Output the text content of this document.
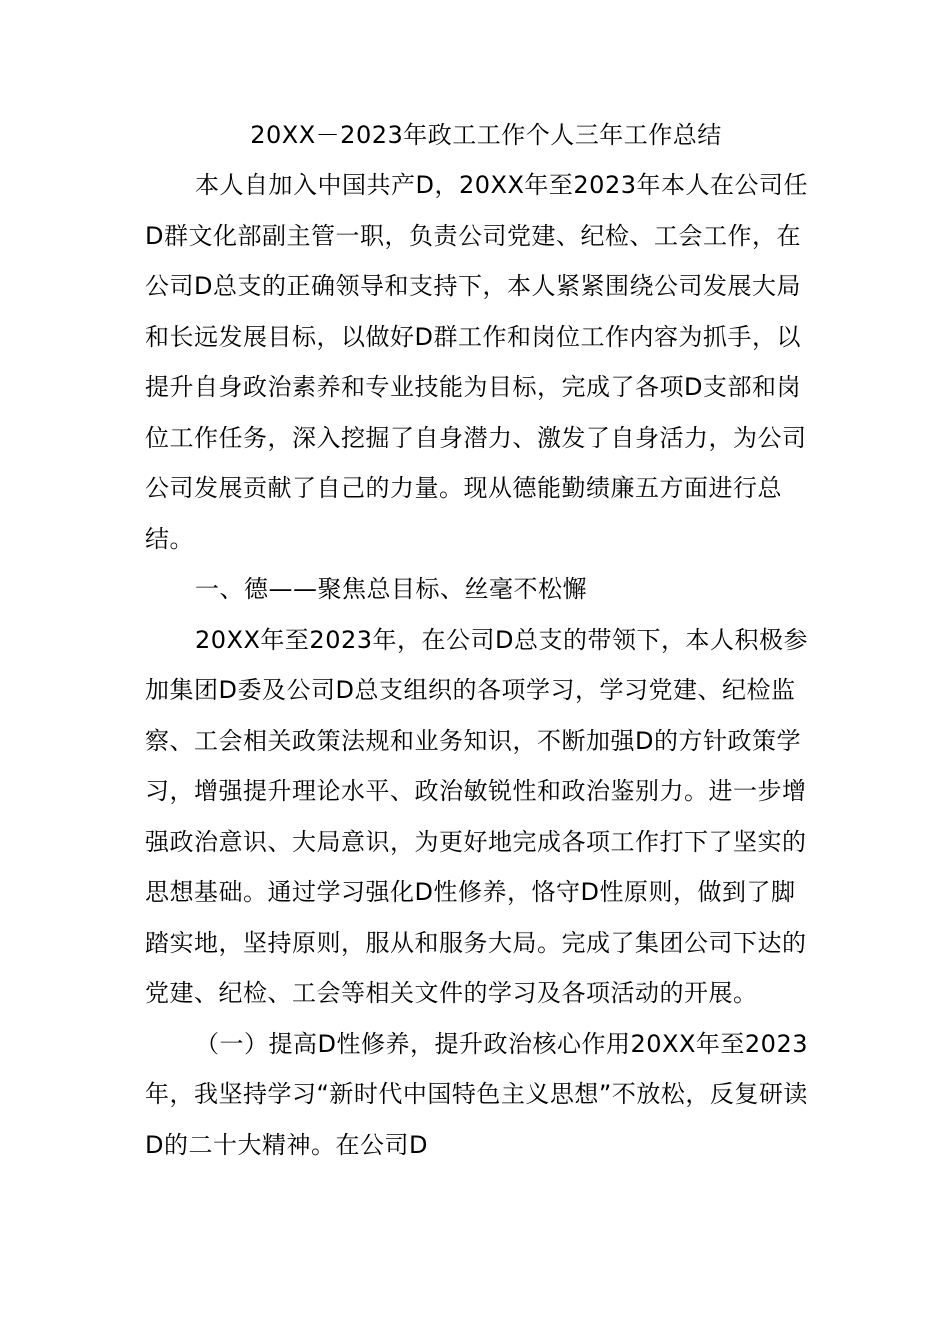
20XX－2023年政工工作个人三年工作总结

本人自加入中国共产D，20XX年至2023年本人在公司任D群文化部副主管一职，负责公司党建、纪检、工会工作，在公司D总支的正确领导和支持下，本人紧紧围绕公司发展大局和长远发展目标，以做好D群工作和岗位工作内容为抓手，以提升自身政治素养和专业技能为目标，完成了各项D支部和岗位工作任务，深入挖掘了自身潜力、激发了自身活力，为公司公司发展贡献了自己的力量。现从德能勤绩廉五方面进行总结。

一、德——聚焦总目标、丝毫不松懈

20XX年至2023年，在公司D总支的带领下，本人积极参加集团D委及公司D总支组织的各项学习，学习党建、纪检监察、工会相关政策法规和业务知识，不断加强D的方针政策学习，增强提升理论水平、政治敏锐性和政治鉴别力。进一步增强政治意识、大局意识，为更好地完成各项工作打下了坚实的思想基础。通过学习强化D性修养，恪守D性原则，做到了脚踏实地，坚持原则，服从和服务大局。完成了集团公司下达的党建、纪检、工会等相关文件的学习及各项活动的开展。

（一）提高D性修养，提升政治核心作用20XX年至2023年，我坚持学习“新时代中国特色主义思想”不放松，反复研读D的二十大精神。在公司D
